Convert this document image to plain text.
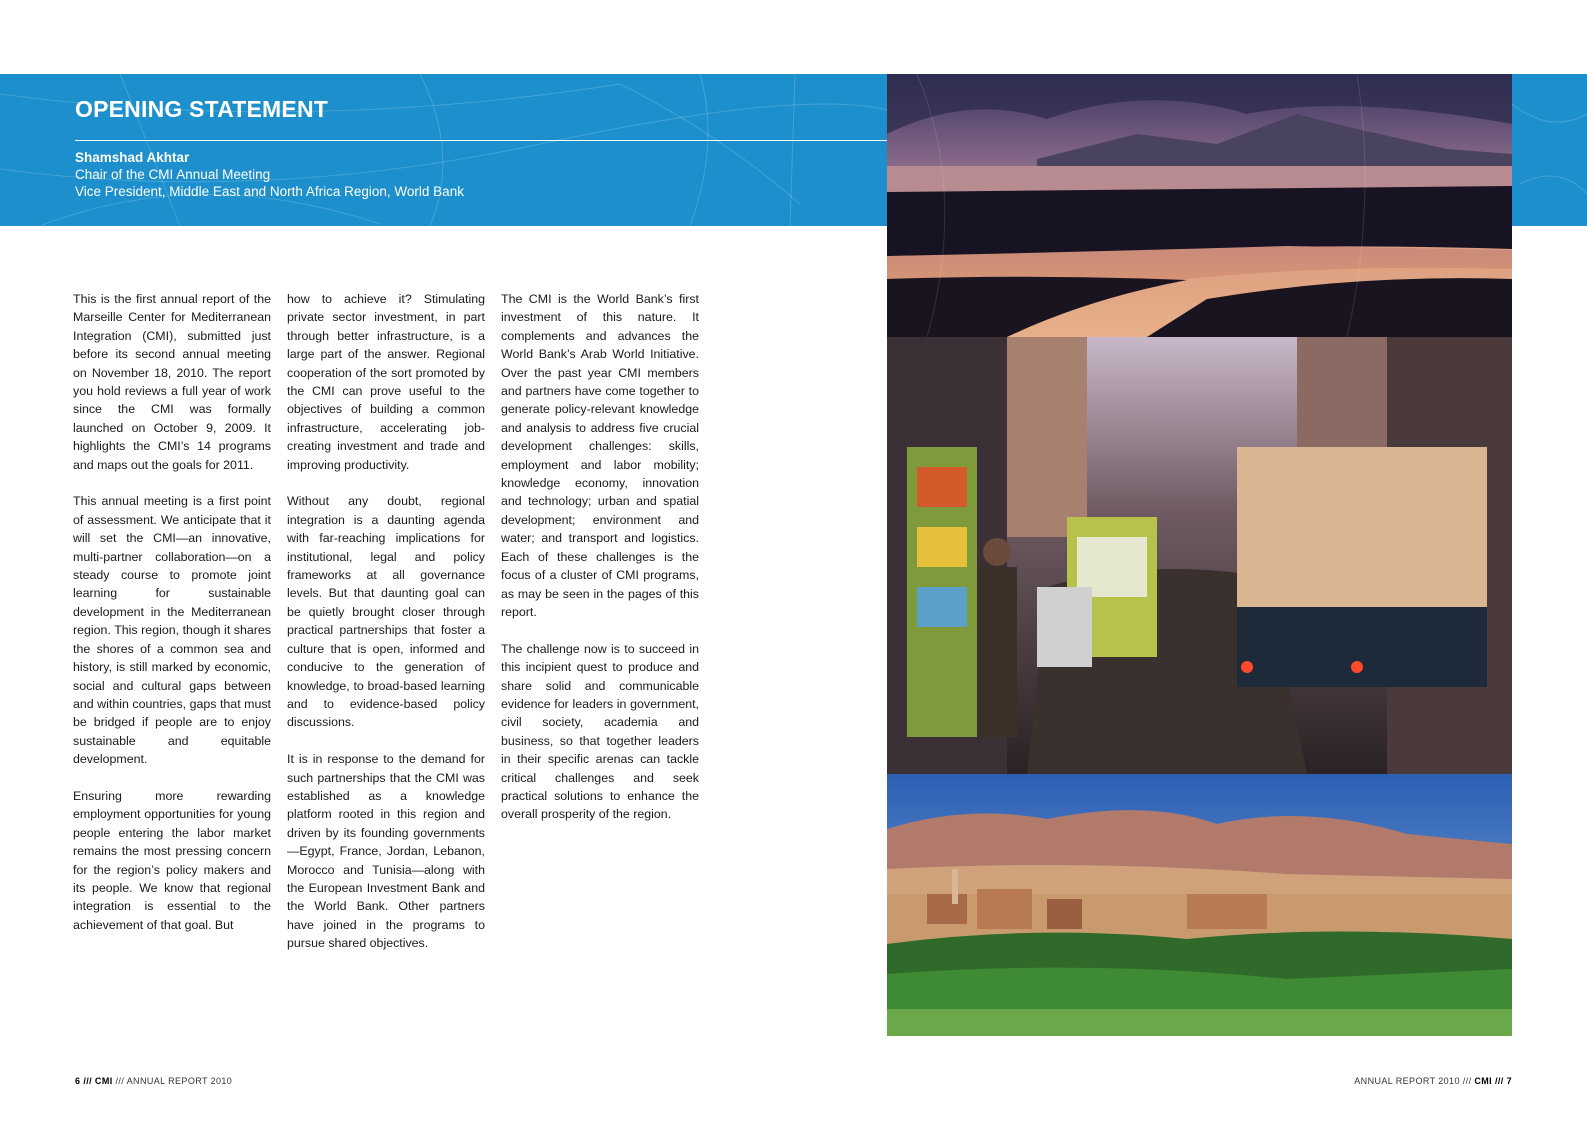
OPENING STATEMENT
Shamshad Akhtar
Chair of the CMI Annual Meeting
Vice President, Middle East and North Africa Region, World Bank

This is the first annual report of the Marseille Center for Mediterranean Integration (CMI), submitted just before its second annual meeting on November 18, 2010. The report you hold reviews a full year of work since the CMI was formally launched on October 9, 2009. It highlights the CMI’s 14 programs and maps out the goals for 2011.

This annual meeting is a first point of assessment. We anticipate that it will set the CMI—an innovative, multi-partner collaboration—on a steady course to promote joint learning for sustainable development in the Mediterranean region. This region, though it shares the shores of a common sea and history, is still marked by economic, social and cultural gaps between and within countries, gaps that must be bridged if people are to enjoy sustainable and equitable development.

Ensuring more rewarding employment opportunities for young people entering the labor market remains the most pressing concern for the region’s policy makers and its people. We know that regional integration is essential to the achievement of that goal. But

how to achieve it? Stimulating private sector investment, in part through better infrastructure, is a large part of the answer. Regional cooperation of the sort promoted by the CMI can prove useful to the objectives of building a common infrastructure, accelerating job-creating investment and trade and improving productivity.

Without any doubt, regional integration is a daunting agenda with far-reaching implications for institutional, legal and policy frameworks at all governance levels. But that daunting goal can be quietly brought closer through practical partnerships that foster a culture that is open, informed and conducive to the generation of knowledge, to broad-based learning and to evidence-based policy discussions.

It is in response to the demand for such partnerships that the CMI was established as a knowledge platform rooted in this region and driven by its founding governments—Egypt, France, Jordan, Lebanon, Morocco and Tunisia—along with the European Investment Bank and the World Bank. Other partners have joined in the programs to pursue shared objectives.

The CMI is the World Bank’s first investment of this nature. It complements and advances the World Bank’s Arab World Initiative. Over the past year CMI members and partners have come together to generate policy-relevant knowledge and analysis to address five crucial development challenges: skills, employment and labor mobility; knowledge economy, innovation and technology; urban and spatial development; environment and water; and transport and logistics. Each of these challenges is the focus of a cluster of CMI programs, as may be seen in the pages of this report.

The challenge now is to succeed in this incipient quest to produce and share solid and communicable evidence for leaders in government, civil society, academia and business, so that together leaders in their specific arenas can tackle critical challenges and seek practical solutions to enhance the overall prosperity of the region.

6 /// CMI /// ANNUAL REPORT 2010	ANNUAL REPORT 2010 /// CMI /// 7
